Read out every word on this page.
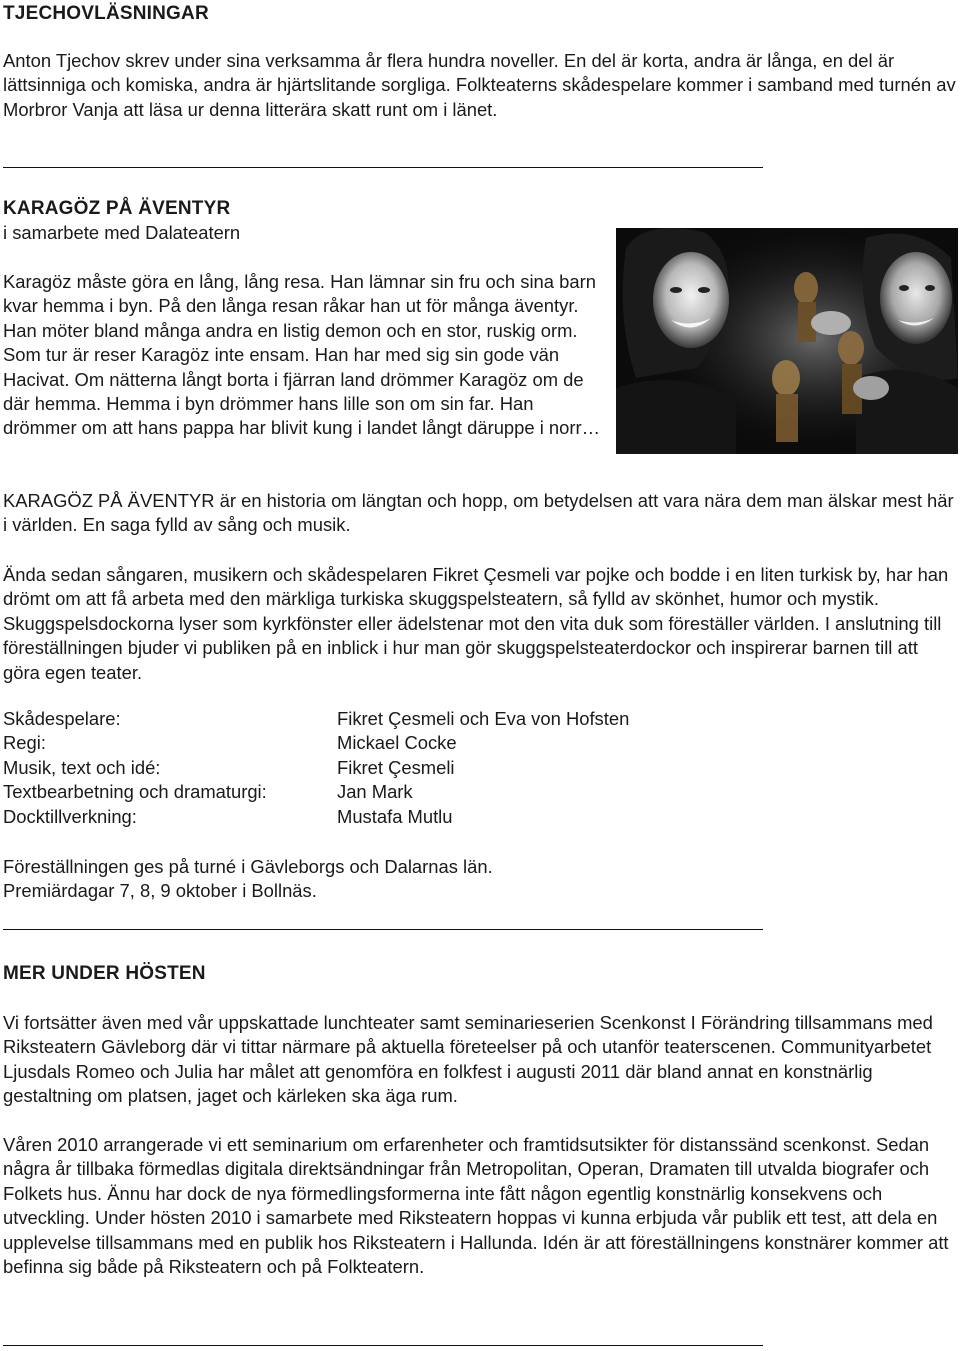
TJECHOVLÄSNINGAR

Anton Tjechov skrev under sina verksamma år flera hundra noveller. En del är korta, andra är långa, en del är lättsinniga och komiska, andra är hjärtslitande sorgliga. Folkteaterns skådespelare kommer i samband med turnén av Morbror Vanja att läsa ur denna litterära skatt runt om i länet.

KARAGÖZ PÅ ÄVENTYR

i samarbete med Dalateatern

Karagöz måste göra en lång, lång resa. Han lämnar sin fru och sina barn kvar hemma i byn. På den långa resan råkar han ut för många äventyr. Han möter bland många andra en listig demon och en stor, ruskig orm. Som tur är reser Karagöz inte ensam. Han har med sig sin gode vän Hacivat. Om nätterna långt borta i fjärran land drömmer Karagöz om de där hemma. Hemma i byn drömmer hans lille son om sin far. Han drömmer om att hans pappa har blivit kung i landet långt däruppe i norr…

KARAGÖZ PÅ ÄVENTYR är en historia om längtan och hopp, om betydelsen att vara nära dem man älskar mest här i världen. En saga fylld av sång och musik.

Ända sedan sångaren, musikern och skådespelaren Fikret Çesmeli var pojke och bodde i en liten turkisk by, har han drömt om att få arbeta med den märkliga turkiska skuggspelsteatern, så fylld av skönhet, humor och mystik. Skuggspelsdockorna lyser som kyrkfönster eller ädelstenar mot den vita duk som föreställer världen. I anslutning till föreställningen bjuder vi publiken på en inblick i hur man gör skuggspelsteaterdockor och inspirerar barnen till att göra egen teater.

Skådespelare:	Fikret Çesmeli och Eva von Hofsten
Regi:	Mickael Cocke
Musik, text och idé:	Fikret Çesmeli
Textbearbetning och dramaturgi:	Jan Mark
Docktillverkning:	Mustafa Mutlu

Föreställningen ges på turné i Gävleborgs och Dalarnas län.

Premiärdagar 7, 8, 9 oktober i Bollnäs.

MER UNDER HÖSTEN

Vi fortsätter även med vår uppskattade lunchteater samt seminarieserien Scenkonst I Förändring tillsammans med Riksteatern Gävleborg där vi tittar närmare på aktuella företeelser på och utanför teaterscenen. Communityarbetet Ljusdals Romeo och Julia har målet att genomföra en folkfest i augusti 2011 där bland annat en konstnärlig gestaltning om platsen, jaget och kärleken ska äga rum.

Våren 2010 arrangerade vi ett seminarium om erfarenheter och framtidsutsikter för distanssänd scenkonst. Sedan några år tillbaka förmedlas digitala direktsändningar från Metropolitan, Operan, Dramaten till utvalda biografer och Folkets hus. Ännu har dock de nya förmedlingsformerna inte fått någon egentlig konstnärlig konsekvens och utveckling. Under hösten 2010 i samarbete med Riksteatern hoppas vi kunna erbjuda vår publik ett test, att dela en upplevelse tillsammans med en publik hos Riksteatern i Hallunda. Idén är att föreställningens konstnärer kommer att befinna sig både på Riksteatern och på Folkteatern.
